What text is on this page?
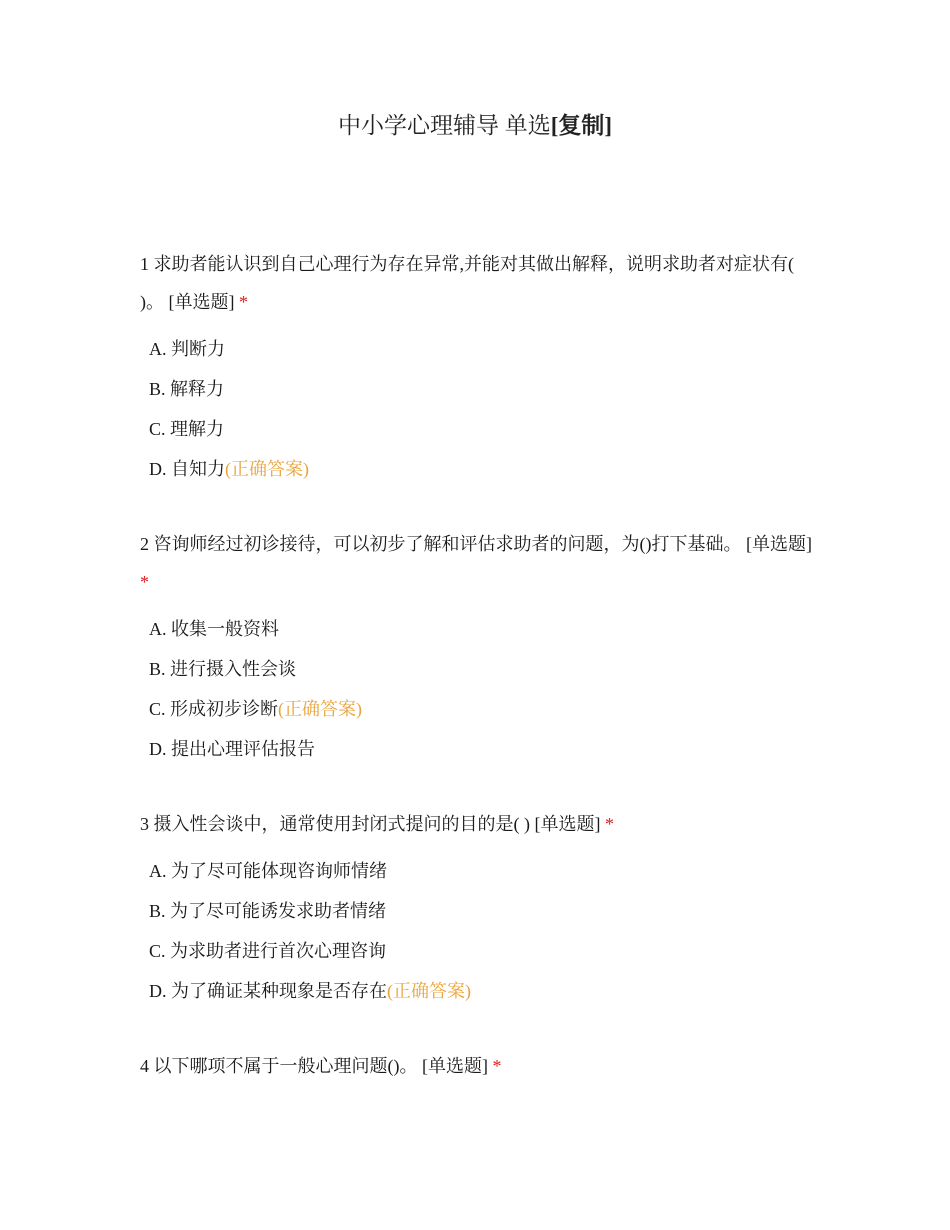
中小学心理辅导 单选[复制]
1 求助者能认识到自己心理行为存在异常,并能对其做出解释，说明求助者对症状有( )。 [单选题] *
A. 判断力
B. 解释力
C. 理解力
D. 自知力(正确答案)
2 咨询师经过初诊接待，可以初步了解和评估求助者的问题，为()打下基础。 [单选题] *
A. 收集一般资料
B. 进行摄入性会谈
C. 形成初步诊断(正确答案)
D. 提出心理评估报告
3 摄入性会谈中，通常使用封闭式提问的目的是( ) [单选题] *
A. 为了尽可能体现咨询师情绪
B. 为了尽可能诱发求助者情绪
C. 为求助者进行首次心理咨询
D. 为了确证某种现象是否存在(正确答案)
4 以下哪项不属于一般心理问题()。 [单选题] *
